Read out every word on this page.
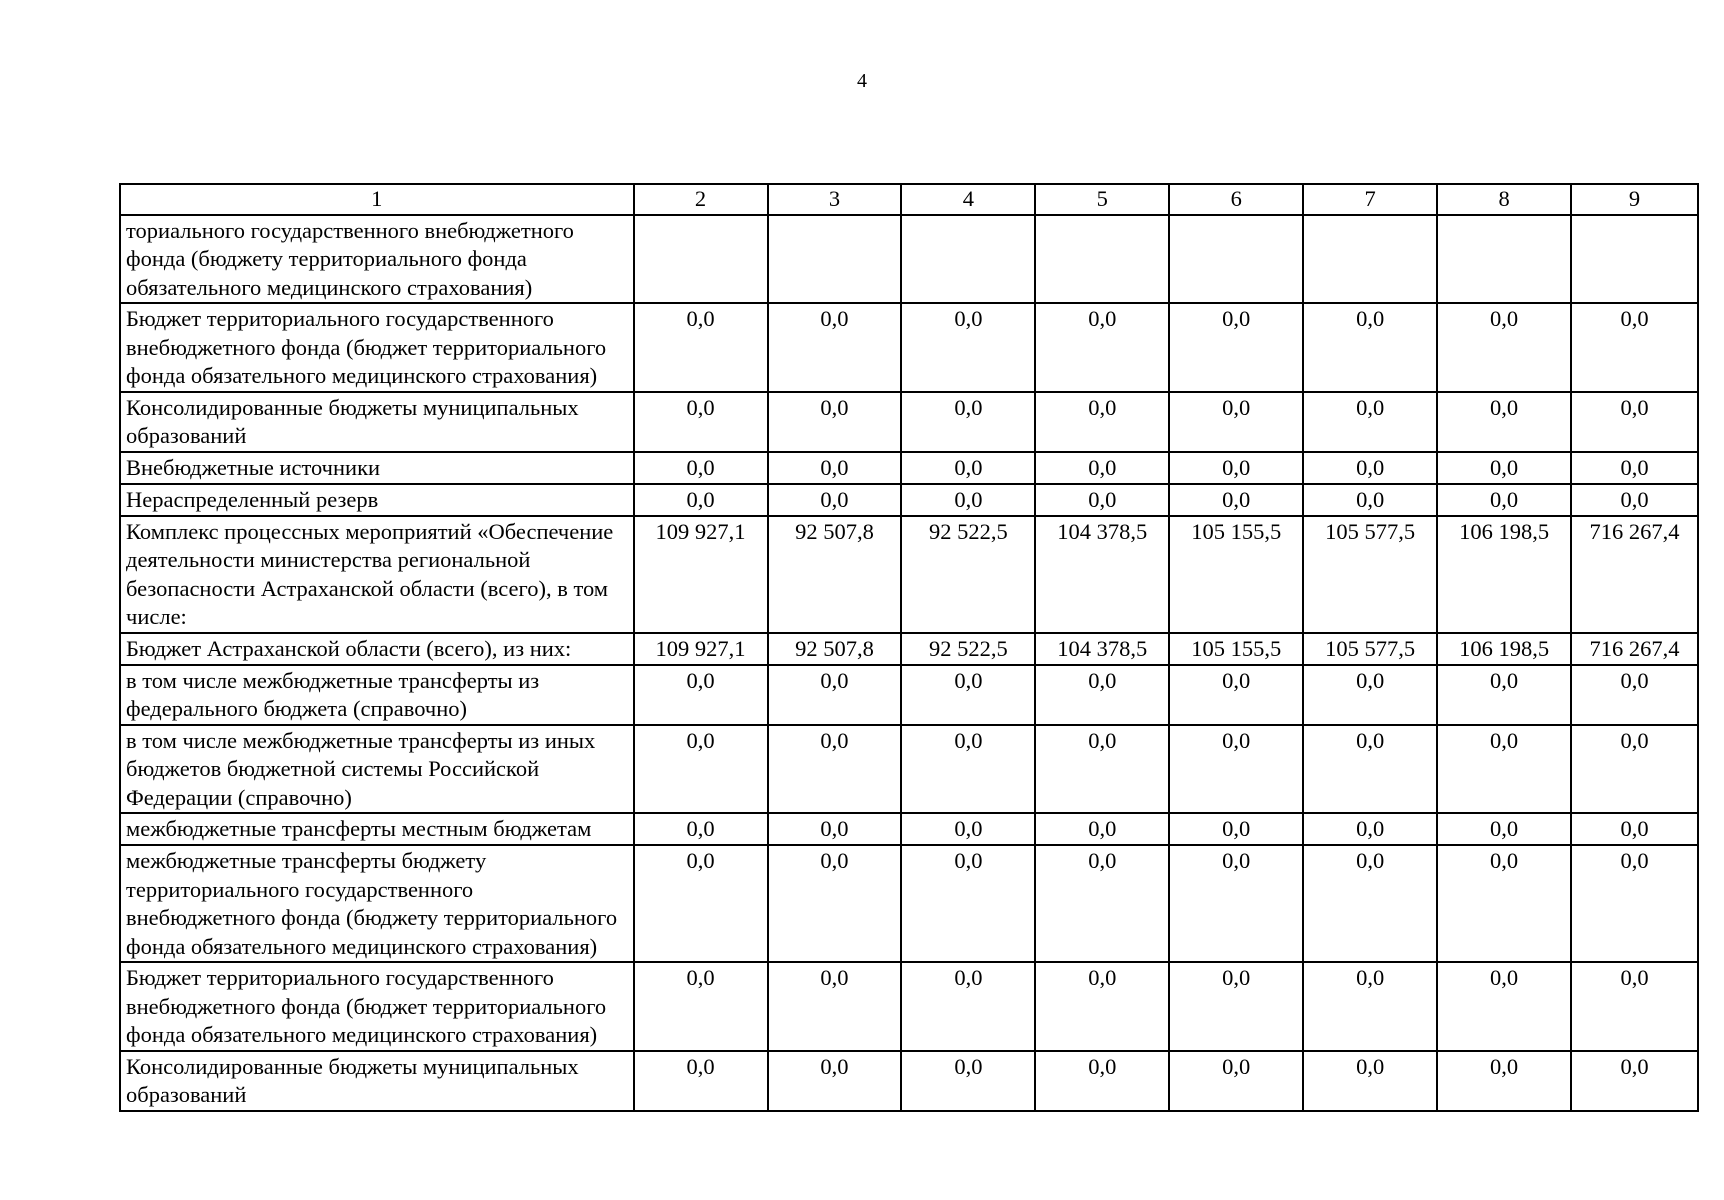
4
1	2	3	4	5	6	7	8	9
ториального государственного внебюджетного фонда (бюджету территориального фонда обязательного медицинского страхования)								
Бюджет территориального государственного внебюджетного фонда (бюджет территориального фонда обязательного медицинского страхования)	0,0	0,0	0,0	0,0	0,0	0,0	0,0	0,0
Консолидированные бюджеты муниципальных образований	0,0	0,0	0,0	0,0	0,0	0,0	0,0	0,0
Внебюджетные источники	0,0	0,0	0,0	0,0	0,0	0,0	0,0	0,0
Нераспределенный резерв	0,0	0,0	0,0	0,0	0,0	0,0	0,0	0,0
Комплекс процессных мероприятий «Обеспечение деятельности министерства региональной безопасности Астраханской области (всего), в том числе:	109 927,1	92 507,8	92 522,5	104 378,5	105 155,5	105 577,5	106 198,5	716 267,4
Бюджет Астраханской области (всего), из них:	109 927,1	92 507,8	92 522,5	104 378,5	105 155,5	105 577,5	106 198,5	716 267,4
в том числе межбюджетные трансферты из федерального бюджета (справочно)	0,0	0,0	0,0	0,0	0,0	0,0	0,0	0,0
в том числе межбюджетные трансферты из иных бюджетов бюджетной системы Российской Федерации (справочно)	0,0	0,0	0,0	0,0	0,0	0,0	0,0	0,0
межбюджетные трансферты местным бюджетам	0,0	0,0	0,0	0,0	0,0	0,0	0,0	0,0
межбюджетные трансферты бюджету территориального государственного внебюджетного фонда (бюджету территориального фонда обязательного медицинского страхования)	0,0	0,0	0,0	0,0	0,0	0,0	0,0	0,0
Бюджет территориального государственного внебюджетного фонда (бюджет территориального фонда обязательного медицинского страхования)	0,0	0,0	0,0	0,0	0,0	0,0	0,0	0,0
Консолидированные бюджеты муниципальных образований	0,0	0,0	0,0	0,0	0,0	0,0	0,0	0,0
